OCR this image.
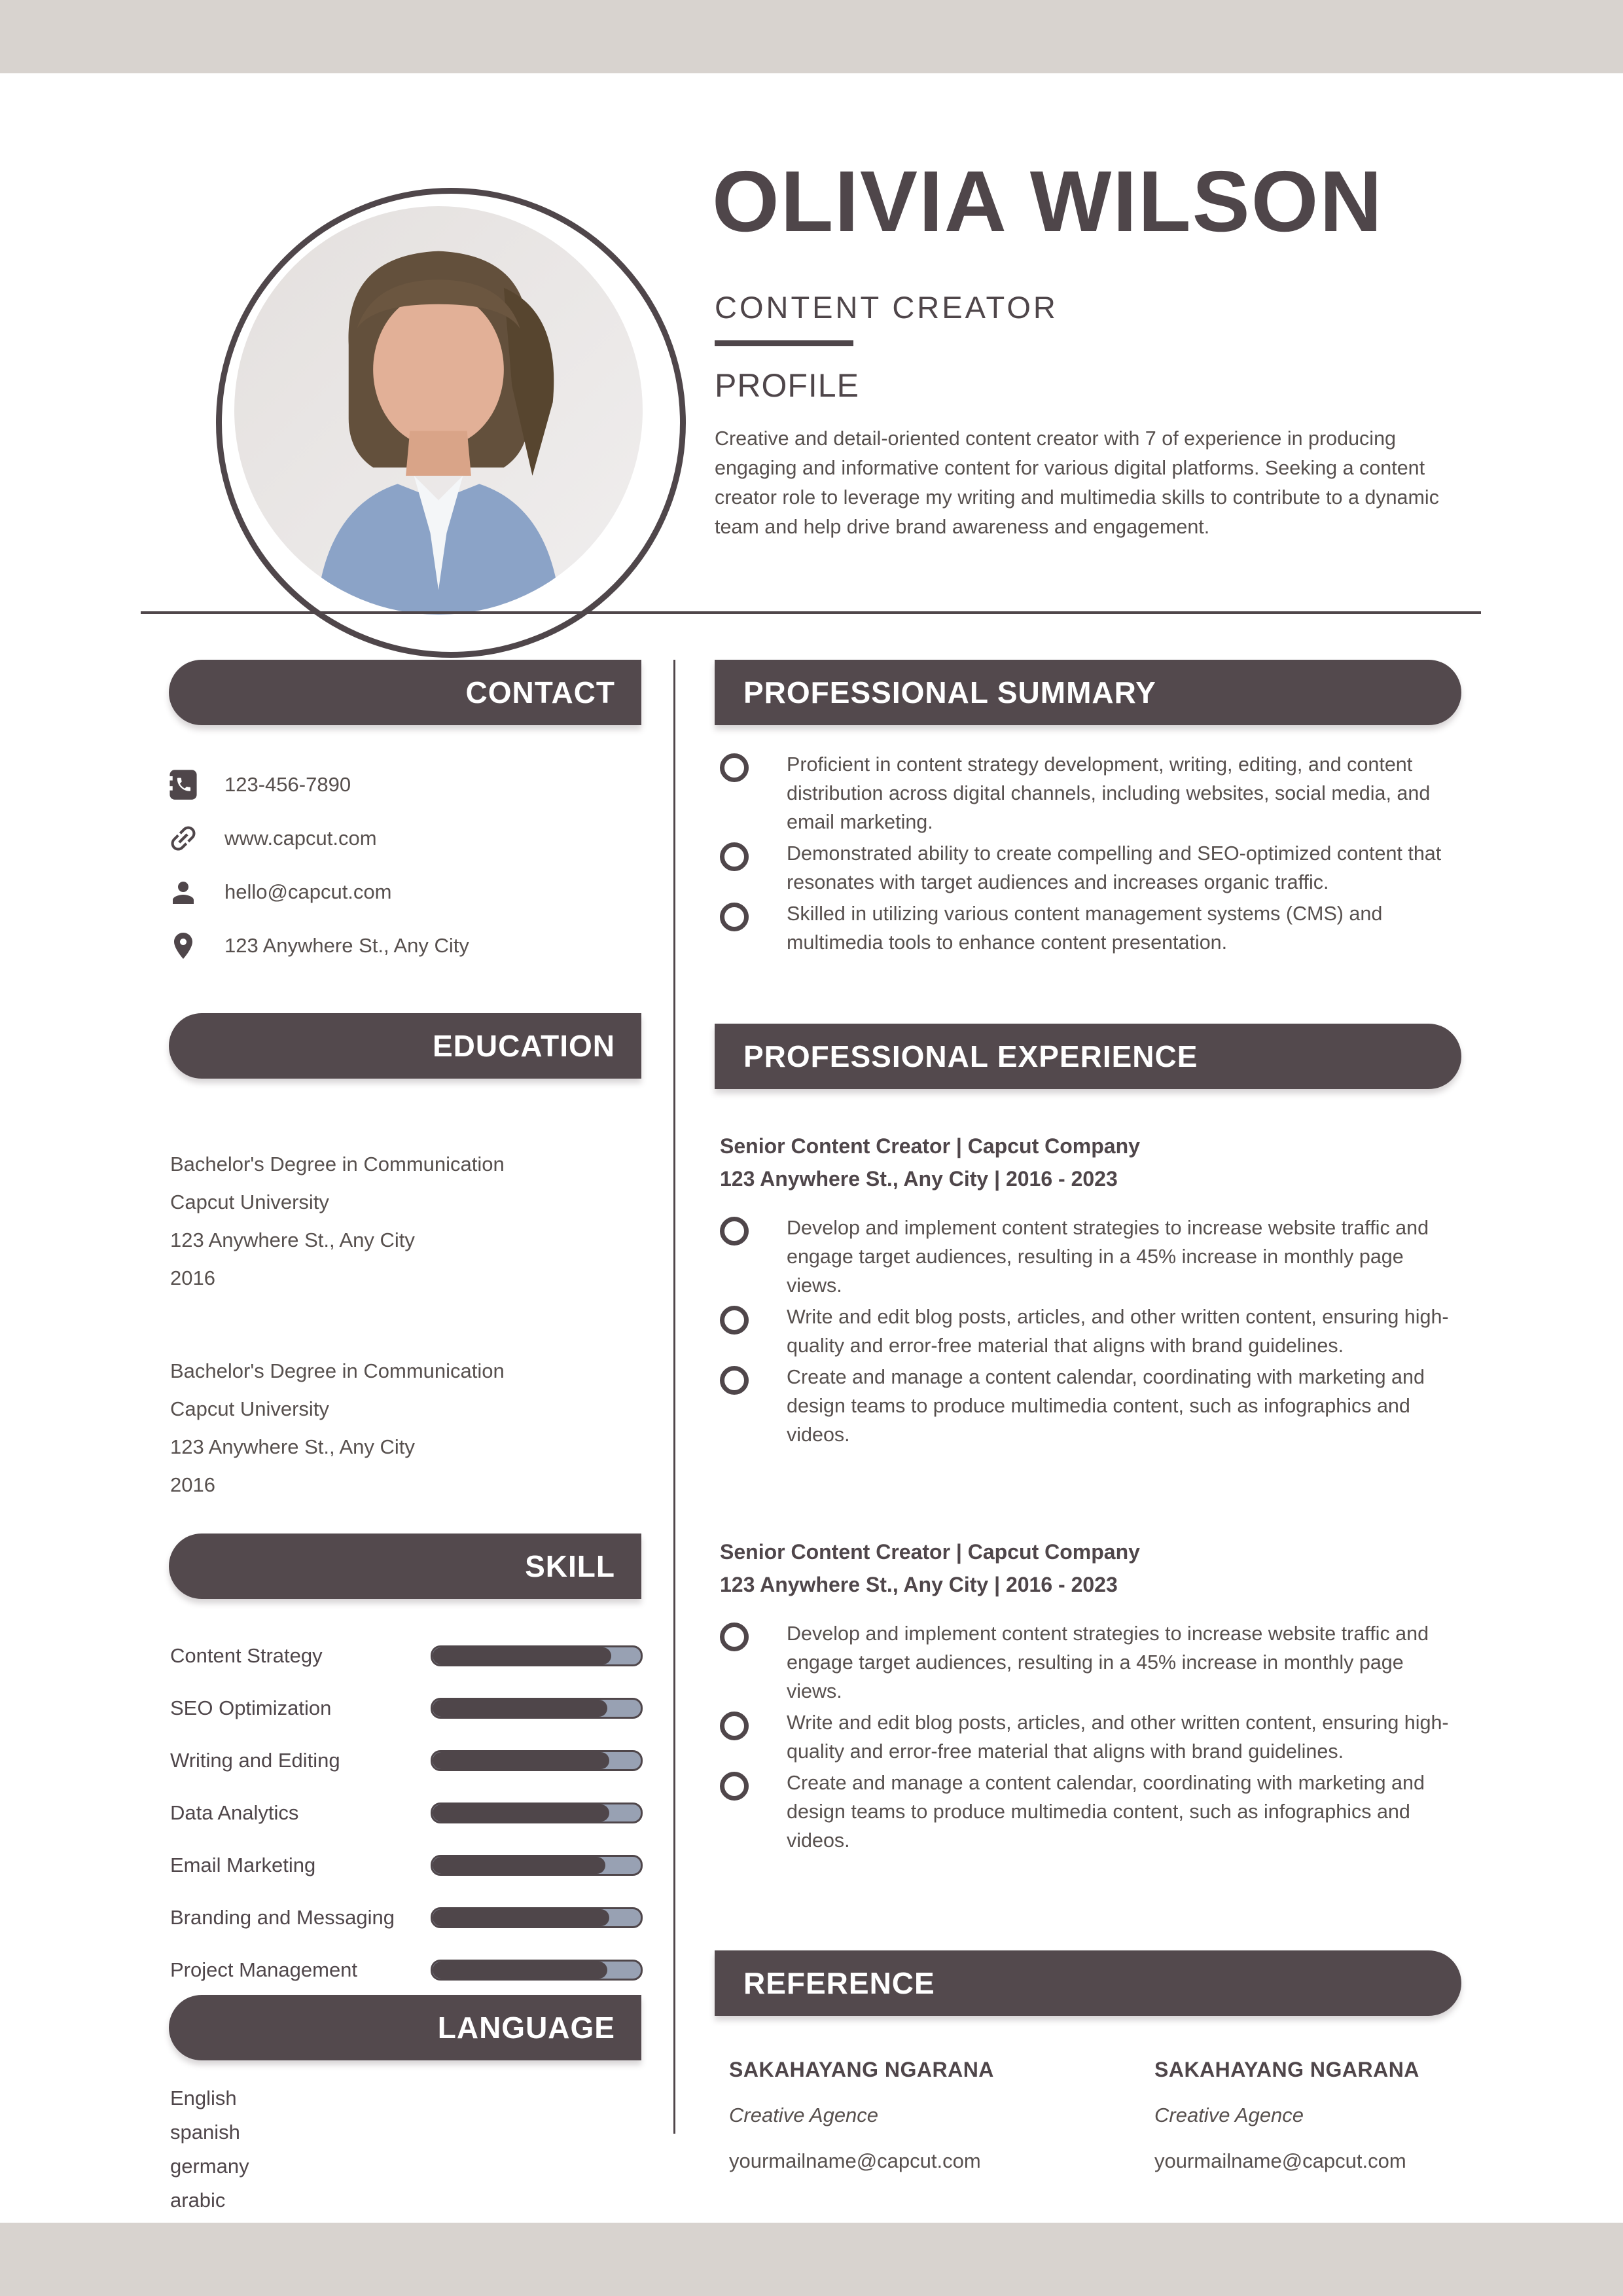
OLIVIA WILSON
CONTENT CREATOR
PROFILE
Creative and detail-oriented content creator with 7 of experience in producing engaging and informative content for various digital platforms. Seeking a content creator role to leverage my writing and multimedia skills to contribute to a dynamic team and help drive brand awareness and engagement.
CONTACT
123-456-7890
www.capcut.com
hello@capcut.com
123 Anywhere St., Any City
EDUCATION
Bachelor's Degree in Communication
Capcut University
123 Anywhere St., Any City
2016
Bachelor's Degree in Communication
Capcut University
123 Anywhere St., Any City
2016
SKILL
Content Strategy
SEO Optimization
Writing and Editing
Data Analytics
Email Marketing
Branding and Messaging
Project Management
LANGUAGE
English
spanish
germany
arabic
PROFESSIONAL SUMMARY
Proficient in content strategy development, writing, editing, and content distribution across digital channels, including websites, social media, and email marketing.
Demonstrated ability to create compelling and SEO-optimized content that resonates with target audiences and increases organic traffic.
Skilled in utilizing various content management systems (CMS) and multimedia tools to enhance content presentation.
PROFESSIONAL EXPERIENCE
Senior Content Creator | Capcut Company
123 Anywhere St., Any City | 2016 - 2023
Develop and implement content strategies to increase website traffic and engage target audiences, resulting in a 45% increase in monthly page views.
Write and edit blog posts, articles, and other written content, ensuring high-quality and error-free material that aligns with brand guidelines.
Create and manage a content calendar, coordinating with marketing and design teams to produce multimedia content, such as infographics and videos.
Senior Content Creator | Capcut Company
123 Anywhere St., Any City | 2016 - 2023
Develop and implement content strategies to increase website traffic and engage target audiences, resulting in a 45% increase in monthly page views.
Write and edit blog posts, articles, and other written content, ensuring high-quality and error-free material that aligns with brand guidelines.
Create and manage a content calendar, coordinating with marketing and design teams to produce multimedia content, such as infographics and videos.
REFERENCE
SAKAHAYANG NGARANA
Creative Agence
yourmailname@capcut.com
SAKAHAYANG NGARANA
Creative Agence
yourmailname@capcut.com
